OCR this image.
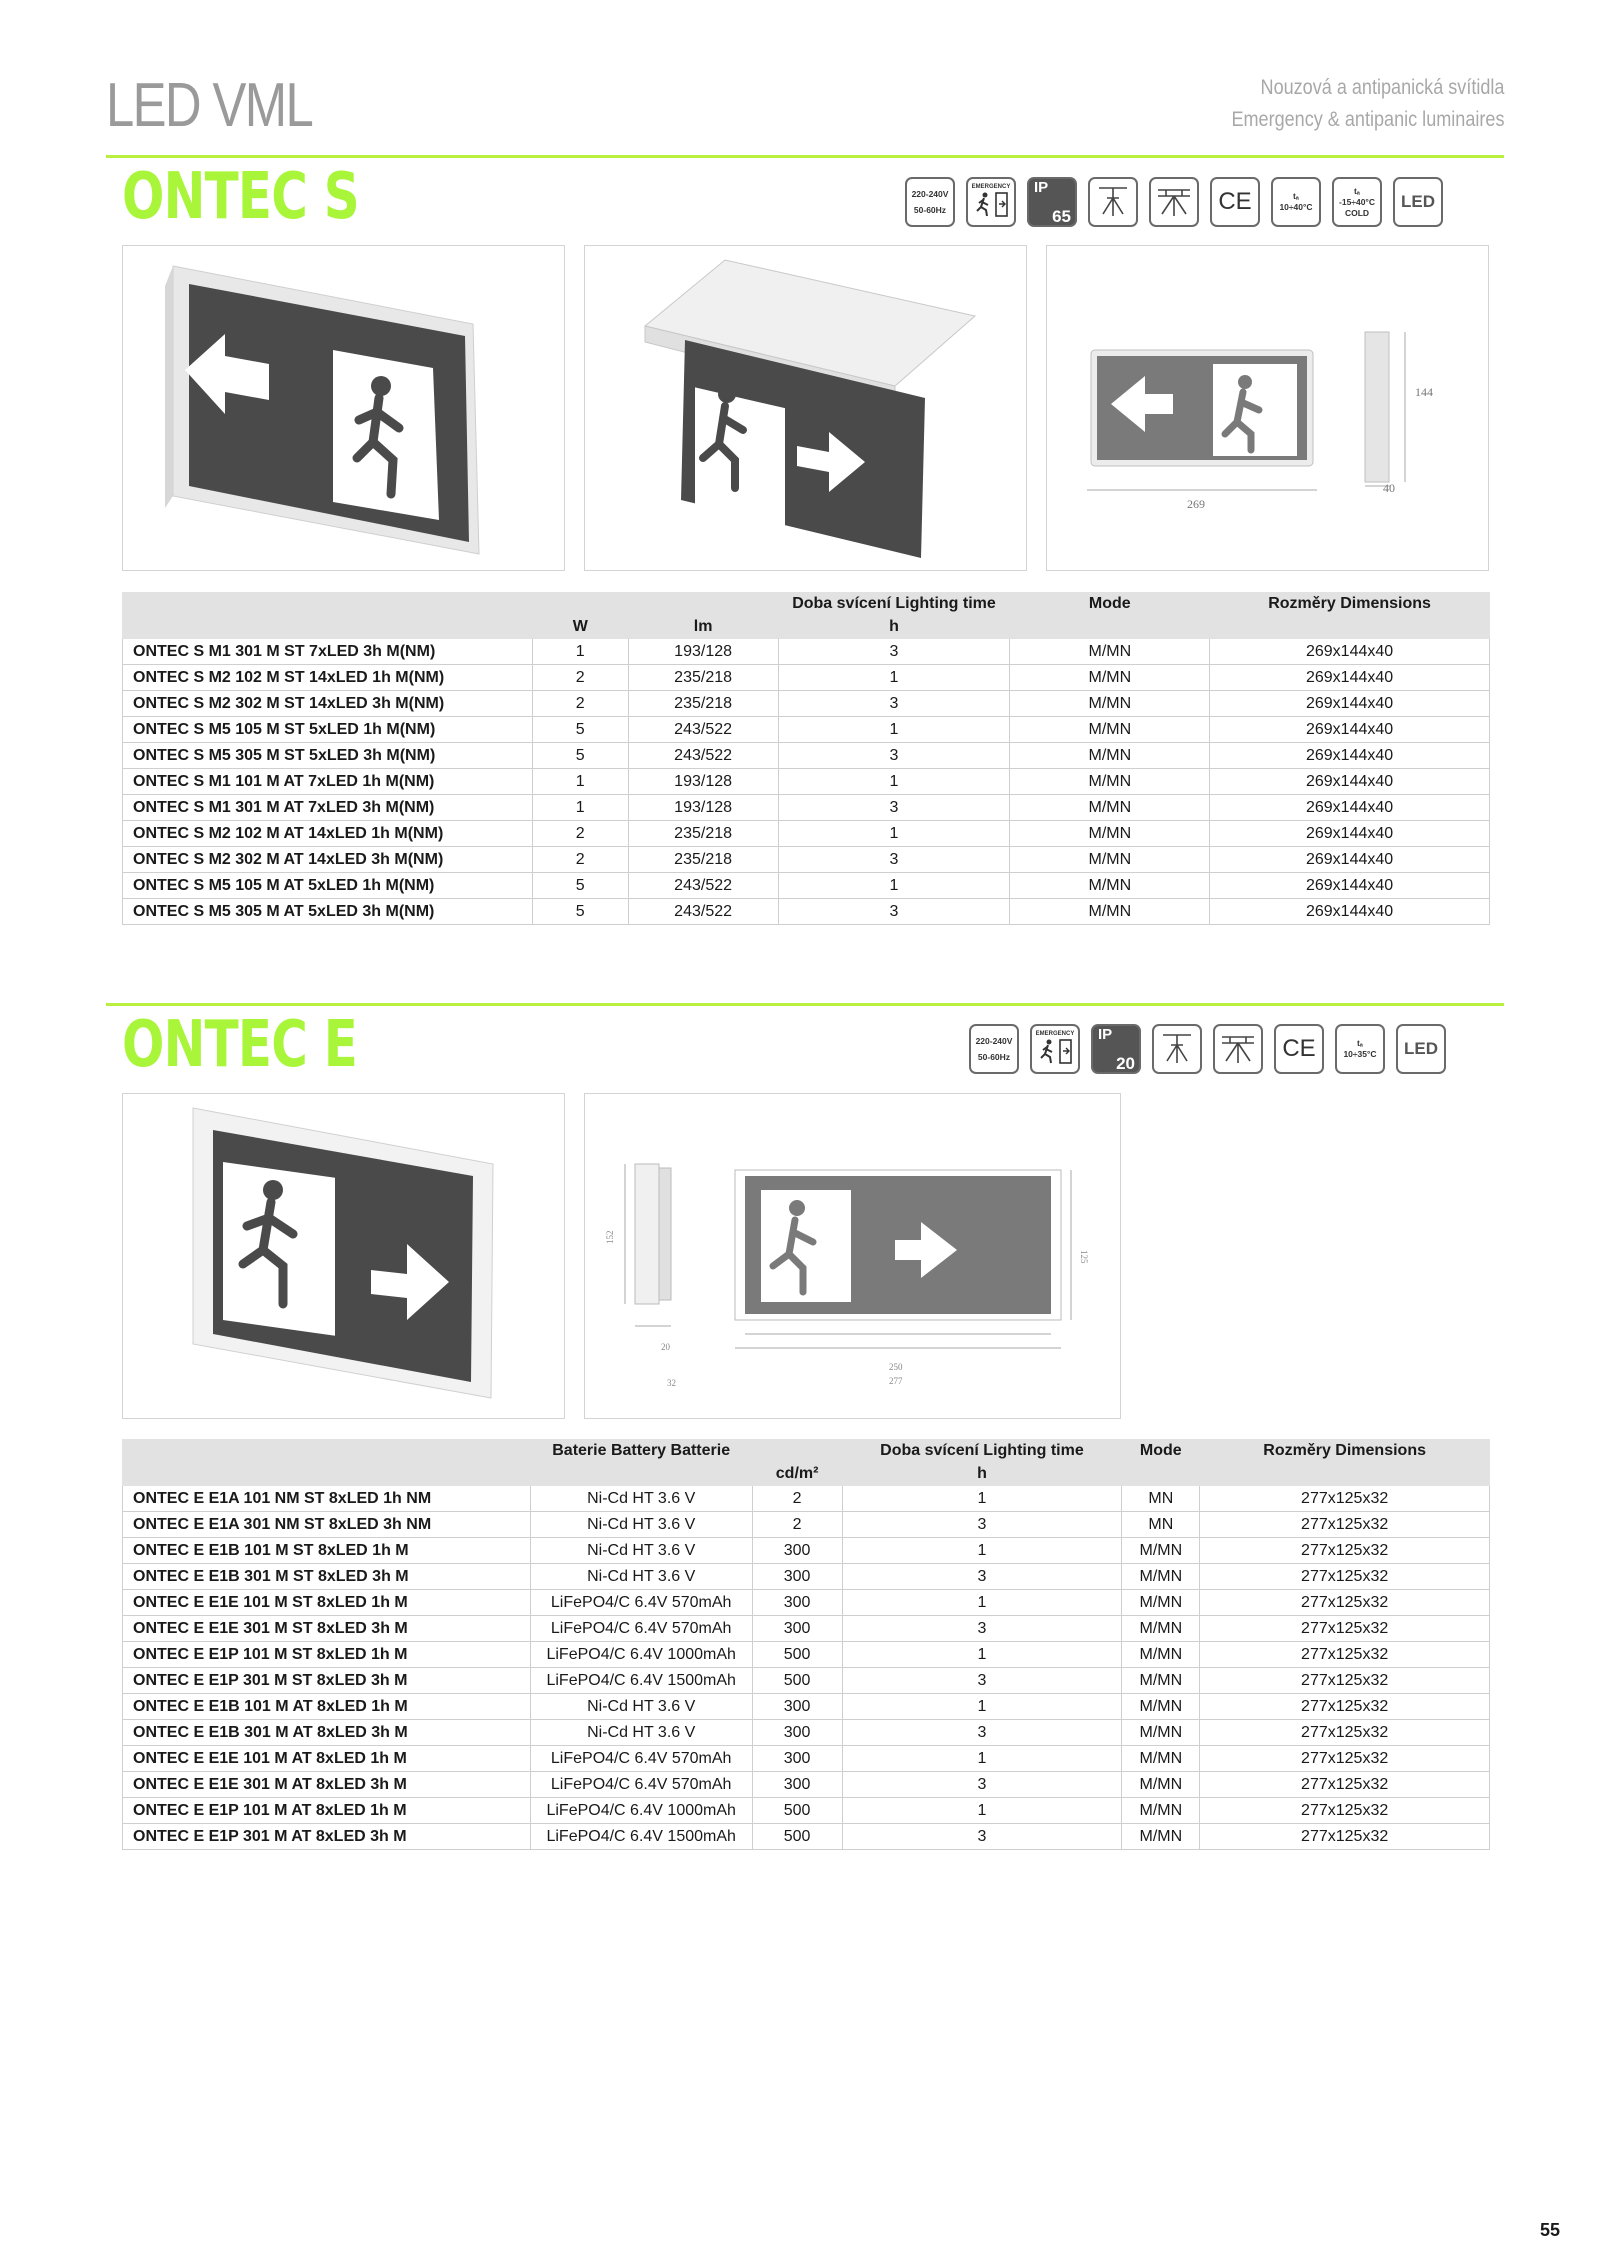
LED VML	Nouzová a antipanická svítidla
Emergency & antipanic luminaires
ONTEC S	220-240V
50-60Hz
EMERGENCY IP
65
CE	tₐ
10÷40°C
tₐ
-15÷40°C
COLD
LED
144
269
40
			Doba svícení Lighting time	Mode	Rozměry Dimensions
	W	lm	h		
ONTEC S M1 301 M ST 7xLED 3h M(NM)	1	193/128	3	M/MN	269x144x40
ONTEC S M2 102 M ST 14xLED 1h M(NM)	2	235/218	1	M/MN	269x144x40
ONTEC S M2 302 M ST 14xLED 3h M(NM)	2	235/218	3	M/MN	269x144x40
ONTEC S M5 105 M ST 5xLED 1h M(NM)	5	243/522	1	M/MN	269x144x40
ONTEC S M5 305 M ST 5xLED 3h M(NM)	5	243/522	3	M/MN	269x144x40
ONTEC S M1 101 M AT 7xLED 1h M(NM)	1	193/128	1	M/MN	269x144x40
ONTEC S M1 301 M AT 7xLED 3h M(NM)	1	193/128	3	M/MN	269x144x40
ONTEC S M2 102 M AT 14xLED 1h M(NM)	2	235/218	1	M/MN	269x144x40
ONTEC S M2 302 M AT 14xLED 3h M(NM)	2	235/218	3	M/MN	269x144x40
ONTEC S M5 105 M AT 5xLED 1h M(NM)	5	243/522	1	M/MN	269x144x40
ONTEC S M5 305 M AT 5xLED 3h M(NM)	5	243/522	3	M/MN	269x144x40
ONTEC E	220-240V
50-60Hz
EMERGENCY IP
20
CE	tₐ
10÷35°C	LED
152
20
32
125
250
277
	Baterie Battery Batterie		Doba svícení Lighting time	Mode	Rozměry Dimensions
		cd/m²	h		
ONTEC E E1A 101 NM ST 8xLED 1h NM	Ni-Cd HT 3.6 V	2	1	MN	277x125x32
ONTEC E E1A 301 NM ST 8xLED 3h NM	Ni-Cd HT 3.6 V	2	3	MN	277x125x32
ONTEC E E1B 101 M ST 8xLED 1h M	Ni-Cd HT 3.6 V	300	1	M/MN	277x125x32
ONTEC E E1B 301 M ST 8xLED 3h M	Ni-Cd HT 3.6 V	300	3	M/MN	277x125x32
ONTEC E E1E 101 M ST 8xLED 1h M	LiFePO4/C 6.4V 570mAh	300	1	M/MN	277x125x32
ONTEC E E1E 301 M ST 8xLED 3h M	LiFePO4/C 6.4V 570mAh	300	3	M/MN	277x125x32
ONTEC E E1P 101 M ST 8xLED 1h M	LiFePO4/C 6.4V 1000mAh	500	1	M/MN	277x125x32
ONTEC E E1P 301 M ST 8xLED 3h M	LiFePO4/C 6.4V 1500mAh	500	3	M/MN	277x125x32
ONTEC E E1B 101 M AT 8xLED 1h M	Ni-Cd HT 3.6 V	300	1	M/MN	277x125x32
ONTEC E E1B 301 M AT 8xLED 3h M	Ni-Cd HT 3.6 V	300	3	M/MN	277x125x32
ONTEC E E1E 101 M AT 8xLED 1h M	LiFePO4/C 6.4V 570mAh	300	1	M/MN	277x125x32
ONTEC E E1E 301 M AT 8xLED 3h M	LiFePO4/C 6.4V 570mAh	300	3	M/MN	277x125x32
ONTEC E E1P 101 M AT 8xLED 1h M	LiFePO4/C 6.4V 1000mAh	500	1	M/MN	277x125x32
ONTEC E E1P 301 M AT 8xLED 3h M	LiFePO4/C 6.4V 1500mAh	500	3	M/MN	277x125x32
55
